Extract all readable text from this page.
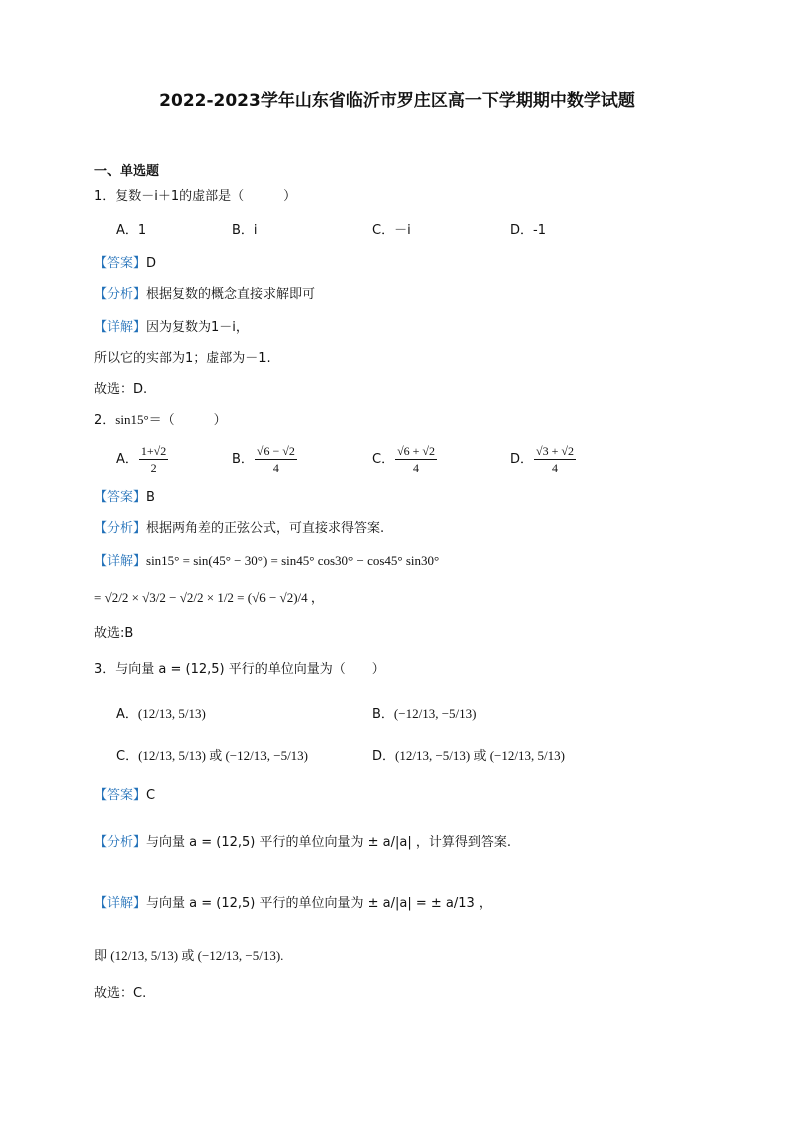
2022-2023学年山东省临沂市罗庄区高一下学期期中数学试题
一、单选题
1．复数－i＋1的虚部是（　　　）
A．1	B．i	C．－i	D．-1
【答案】D
【分析】根据复数的概念直接求解即可
【详解】因为复数为1－i，
所以它的实部为1；虚部为－1.
故选：D.
2．sin15°＝（　　　）
A． $\frac{1+√2}{2}$	B． $\frac{√6 - √2}{4}$	C． $\frac{√6 + √2}{4}$	D． $\frac{√3 + √2}{4}$
【答案】B
【分析】根据两角差的正弦公式，可直接求得答案.
【详解】sin15° = sin(45° − 30°) = sin45° cos30° − cos45° sin30°
= √2/2 × √3/2 − √2/2 × 1/2 = (√6 − √2)/4 ，
故选:B
3．与向量 a = (12,5) 平行的单位向量为（　　）
A．(12/13, 5/13)	B．(−12/13, −5/13)
C．(12/13, 5/13) 或 (−12/13, −5/13)	D．(12/13, −5/13) 或 (−12/13, 5/13)
【答案】C
【分析】与向量 a = (12,5) 平行的单位向量为 ± a/|a| ，计算得到答案.
【详解】与向量 a = (12,5) 平行的单位向量为 ± a/|a| = ± a/13 ，
即 (12/13, 5/13) 或 (−12/13, −5/13).
故选：C.
